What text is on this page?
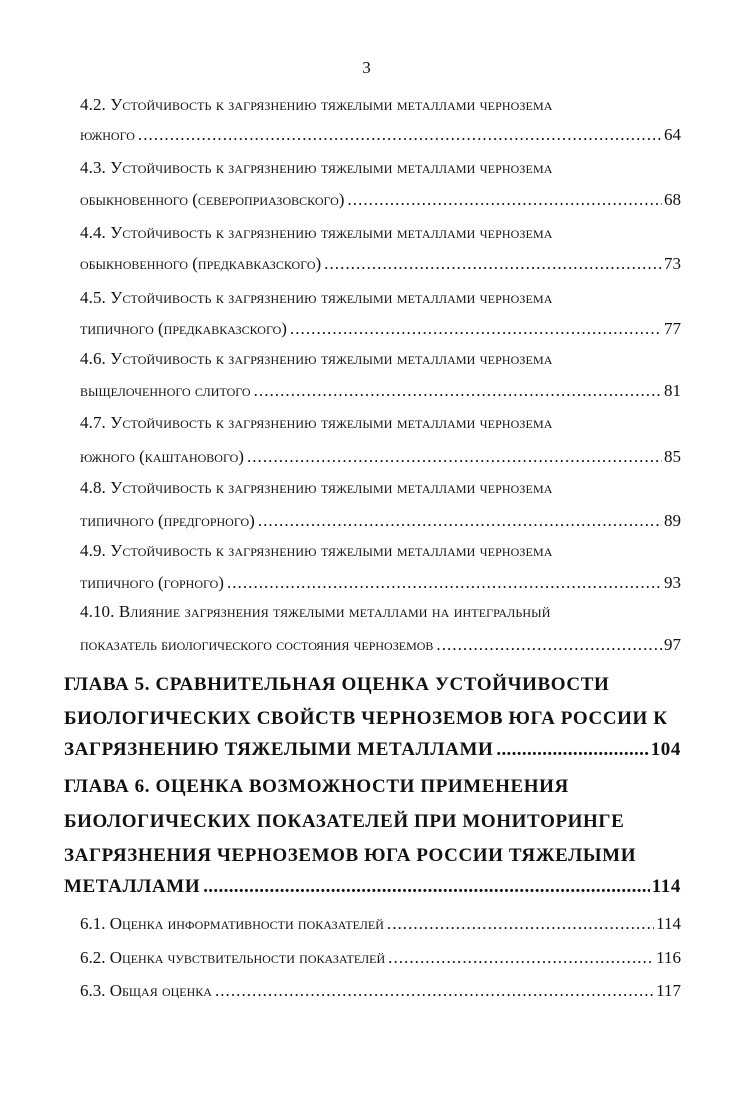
3
4.2. Устойчивость к загрязнению тяжелыми металлами чернозема
южного . . .	64
4.3. Устойчивость к загрязнению тяжелыми металлами чернозема
обыкновенного (североприазовского) . . .	68
4.4. Устойчивость к загрязнению тяжелыми металлами чернозема
обыкновенного (предкавказского) . . .	73
4.5. Устойчивость к загрязнению тяжелыми металлами чернозема
типичного (предкавказского) . . .	77
4.6. Устойчивость к загрязнению тяжелыми металлами чернозема
выщелоченного слитого . . .	81
4.7. Устойчивость к загрязнению тяжелыми металлами чернозема
южного (каштанового) . . .	85
4.8. Устойчивость к загрязнению тяжелыми металлами чернозема
типичного (предгорного) . . .	89
4.9. Устойчивость к загрязнению тяжелыми металлами чернозема
типичного (горного) . . .	93
4.10. Влияние загрязнения тяжелыми металлами на интегральный
показатель биологического состояния черноземов . . .	97
ГЛАВА 5. СРАВНИТЕЛЬНАЯ ОЦЕНКА УСТОЙЧИВОСТИ
БИОЛОГИЧЕСКИХ СВОЙСТВ ЧЕРНОЗЕМОВ ЮГА РОССИИ К
ЗАГРЯЗНЕНИЮ ТЯЖЕЛЫМИ МЕТАЛЛАМИ . . .	104
ГЛАВА 6. ОЦЕНКА ВОЗМОЖНОСТИ ПРИМЕНЕНИЯ
БИОЛОГИЧЕСКИХ ПОКАЗАТЕЛЕЙ ПРИ МОНИТОРИНГЕ
ЗАГРЯЗНЕНИЯ ЧЕРНОЗЕМОВ ЮГА РОССИИ ТЯЖЕЛЫМИ
МЕТАЛЛАМИ . . .	114
6.1. Оценка информативности показателей . . .	114
6.2. Оценка чувствительности показателей . . .	116
6.3. Общая оценка . . .	117
